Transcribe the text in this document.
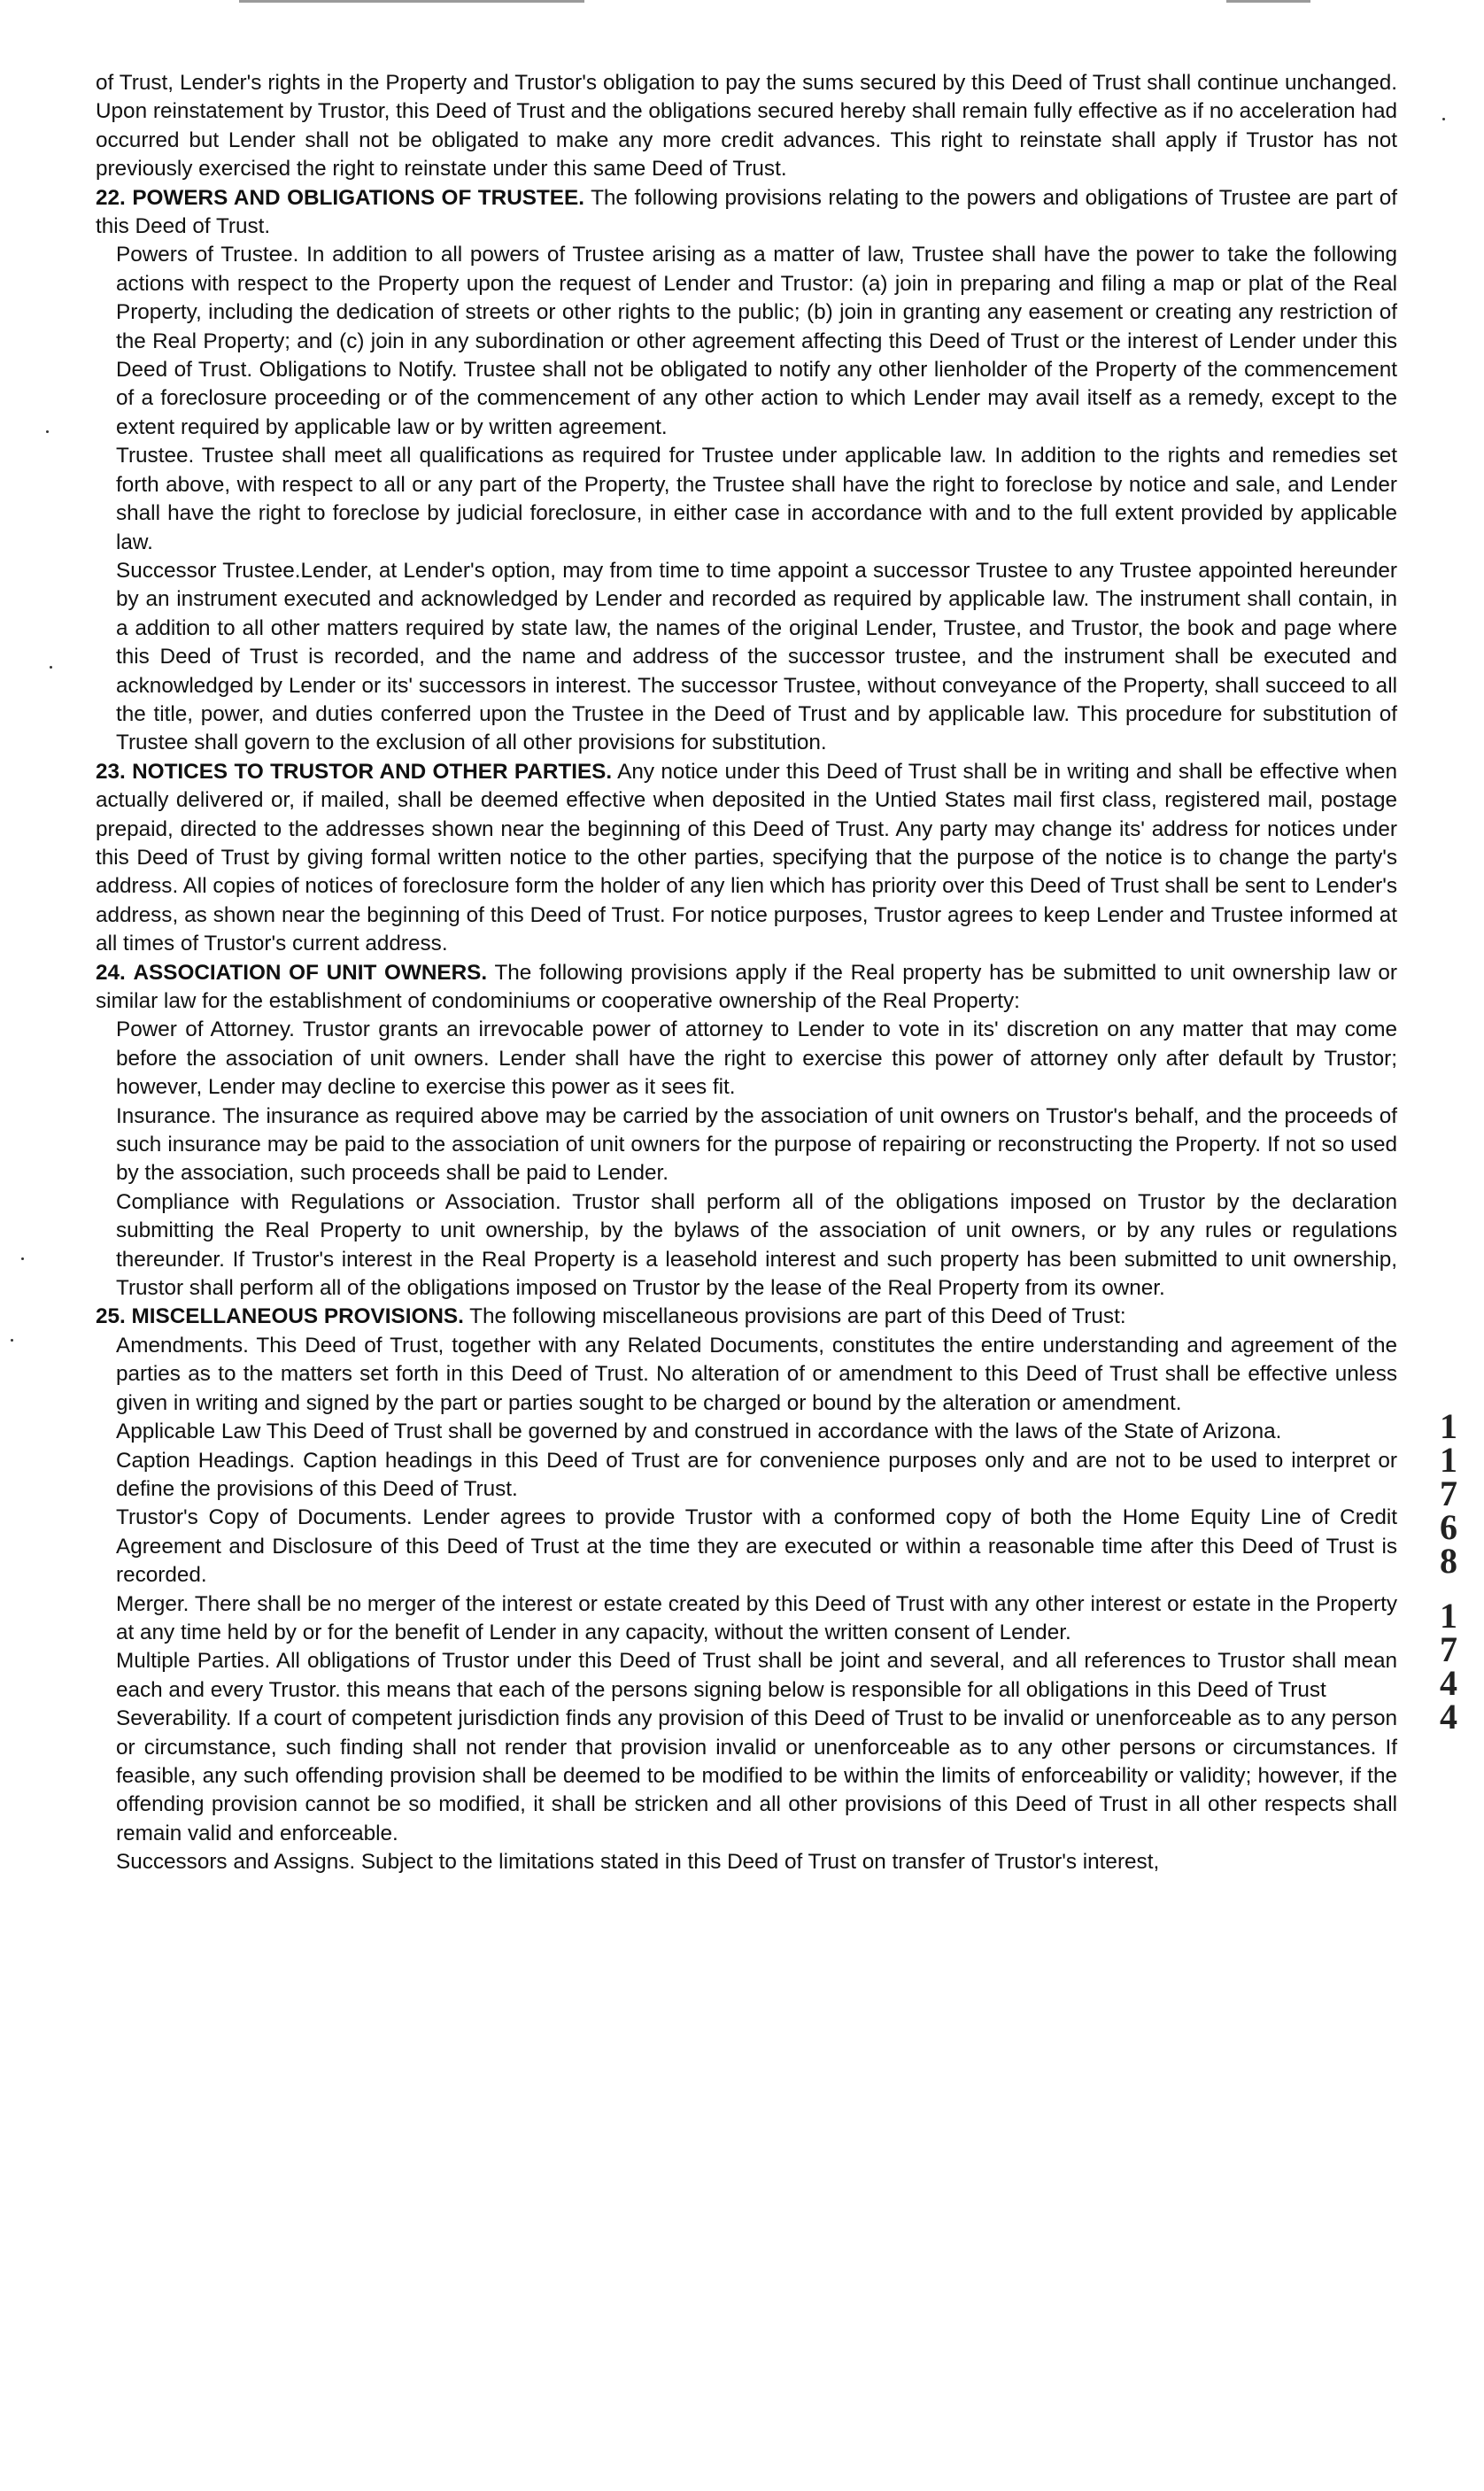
of Trust, Lender's rights in the Property and Trustor's obligation to pay the sums secured by this Deed of Trust shall continue unchanged. Upon reinstatement by Trustor, this Deed of Trust and the obligations secured hereby shall remain fully effective as if no acceleration had occurred but Lender shall not be obligated to make any more credit advances. This right to reinstate shall apply if Trustor has not previously exercised the right to reinstate under this same Deed of Trust.

22. POWERS AND OBLIGATIONS OF TRUSTEE. The following provisions relating to the powers and obligations of Trustee are part of this Deed of Trust.

Powers of Trustee. In addition to all powers of Trustee arising as a matter of law, Trustee shall have the power to take the following actions with respect to the Property upon the request of Lender and Trustor: (a) join in preparing and filing a map or plat of the Real Property, including the dedication of streets or other rights to the public; (b) join in granting any easement or creating any restriction of the Real Property; and (c) join in any subordination or other agreement affecting this Deed of Trust or the interest of Lender under this Deed of Trust. Obligations to Notify. Trustee shall not be obligated to notify any other lienholder of the Property of the commencement of a foreclosure proceeding or of the commencement of any other action to which Lender may avail itself as a remedy, except to the extent required by applicable law or by written agreement.

Trustee. Trustee shall meet all qualifications as required for Trustee under applicable law. In addition to the rights and remedies set forth above, with respect to all or any part of the Property, the Trustee shall have the right to foreclose by notice and sale, and Lender shall have the right to foreclose by judicial foreclosure, in either case in accordance with and to the full extent provided by applicable law.

Successor Trustee.Lender, at Lender's option, may from time to time appoint a successor Trustee to any Trustee appointed hereunder by an instrument executed and acknowledged by Lender and recorded as required by applicable law. The instrument shall contain, in a addition to all other matters required by state law, the names of the original Lender, Trustee, and Trustor, the book and page where this Deed of Trust is recorded, and the name and address of the successor trustee, and the instrument shall be executed and acknowledged by Lender or its' successors in interest. The successor Trustee, without conveyance of the Property, shall succeed to all the title, power, and duties conferred upon the Trustee in the Deed of Trust and by applicable law. This procedure for substitution of Trustee shall govern to the exclusion of all other provisions for substitution.

23. NOTICES TO TRUSTOR AND OTHER PARTIES. Any notice under this Deed of Trust shall be in writing and shall be effective when actually delivered or, if mailed, shall be deemed effective when deposited in the Untied States mail first class, registered mail, postage prepaid, directed to the addresses shown near the beginning of this Deed of Trust. Any party may change its' address for notices under this Deed of Trust by giving formal written notice to the other parties, specifying that the purpose of the notice is to change the party's address. All copies of notices of foreclosure form the holder of any lien which has priority over this Deed of Trust shall be sent to Lender's address, as shown near the beginning of this Deed of Trust. For notice purposes, Trustor agrees to keep Lender and Trustee informed at all times of Trustor's current address.

24. ASSOCIATION OF UNIT OWNERS. The following provisions apply if the Real property has be submitted to unit ownership law or similar law for the establishment of condominiums or cooperative ownership of the Real Property:

Power of Attorney. Trustor grants an irrevocable power of attorney to Lender to vote in its' discretion on any matter that may come before the association of unit owners. Lender shall have the right to exercise this power of attorney only after default by Trustor; however, Lender may decline to exercise this power as it sees fit.

Insurance. The insurance as required above may be carried by the association of unit owners on Trustor's behalf, and the proceeds of such insurance may be paid to the association of unit owners for the purpose of repairing or reconstructing the Property. If not so used by the association, such proceeds shall be paid to Lender.

Compliance with Regulations or Association. Trustor shall perform all of the obligations imposed on Trustor by the declaration submitting the Real Property to unit ownership, by the bylaws of the association of unit owners, or by any rules or regulations thereunder. If Trustor's interest in the Real Property is a leasehold interest and such property has been submitted to unit ownership, Trustor shall perform all of the obligations imposed on Trustor by the lease of the Real Property from its owner.

25. MISCELLANEOUS PROVISIONS. The following miscellaneous provisions are part of this Deed of Trust:

Amendments. This Deed of Trust, together with any Related Documents, constitutes the entire understanding and agreement of the parties as to the matters set forth in this Deed of Trust. No alteration of or amendment to this Deed of Trust shall be effective unless given in writing and signed by the part or parties sought to be charged or bound by the alteration or amendment.

Applicable Law This Deed of Trust shall be governed by and construed in accordance with the laws of the State of Arizona.

Caption Headings. Caption headings in this Deed of Trust are for convenience purposes only and are not to be used to interpret or define the provisions of this Deed of Trust.

Trustor's Copy of Documents. Lender agrees to provide Trustor with a conformed copy of both the Home Equity Line of Credit Agreement and Disclosure of this Deed of Trust at the time they are executed or within a reasonable time after this Deed of Trust is recorded.

Merger. There shall be no merger of the interest or estate created by this Deed of Trust with any other interest or estate in the Property at any time held by or for the benefit of Lender in any capacity, without the written consent of Lender.

Multiple Parties. All obligations of Trustor under this Deed of Trust shall be joint and several, and all references to Trustor shall mean each and every Trustor. this means that each of the persons signing below is responsible for all obligations in this Deed of Trust

Severability. If a court of competent jurisdiction finds any provision of this Deed of Trust to be invalid or unenforceable as to any person or circumstance, such finding shall not render that provision invalid or unenforceable as to any other persons or circumstances. If feasible, any such offending provision shall be deemed to be modified to be within the limits of enforceability or validity; however, if the offending provision cannot be so modified, it shall be stricken and all other provisions of this Deed of Trust in all other respects shall remain valid and enforceable.

Successors and Assigns. Subject to the limitations stated in this Deed of Trust on transfer of Trustor's interest,

1
1
7
6
8
1
7
4
4
